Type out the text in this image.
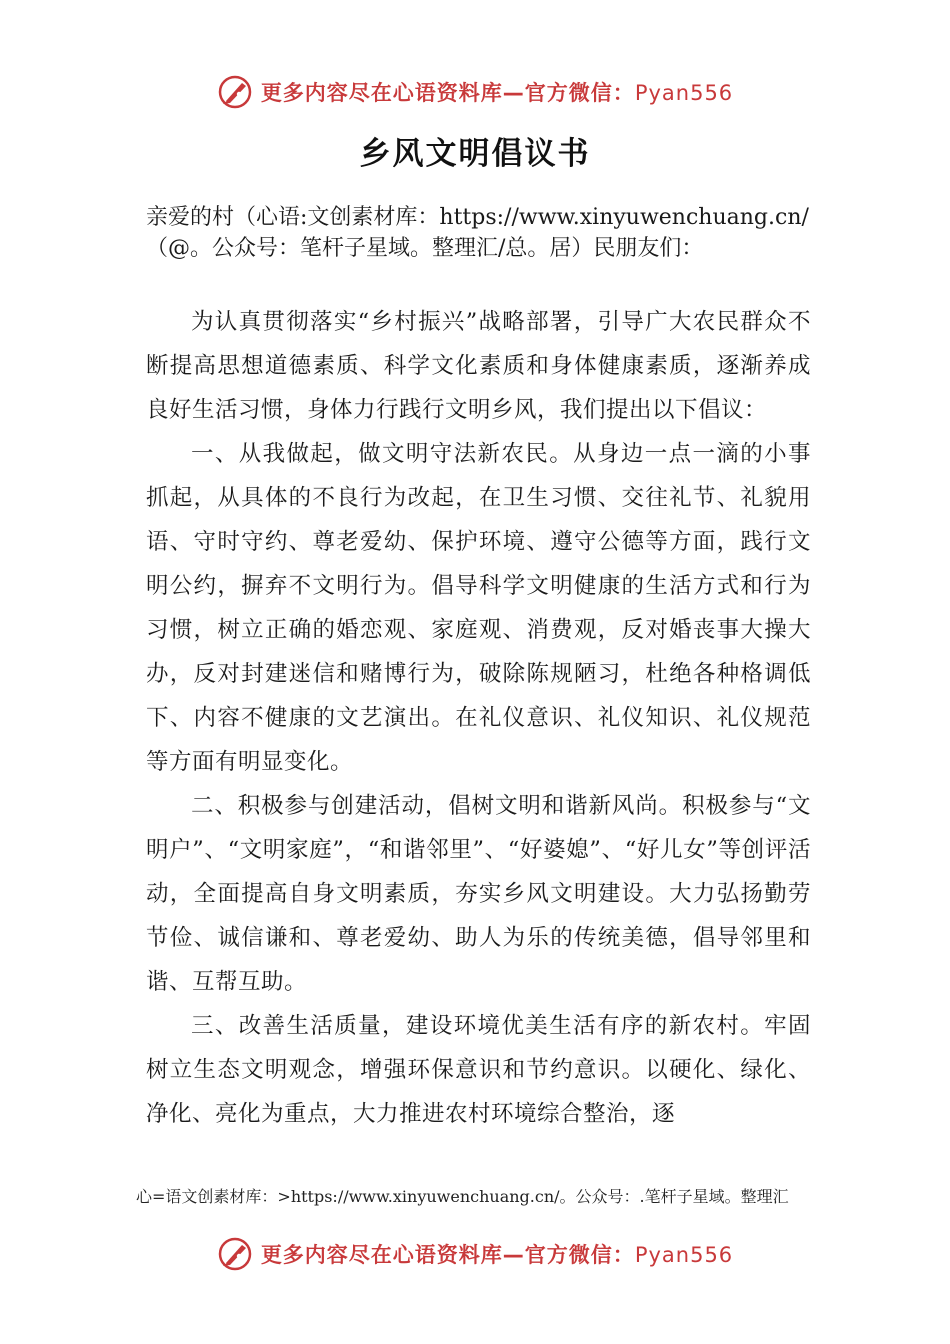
更多内容尽在心语资料库—官方微信：Pyan556
乡风文明倡议书
亲爱的村（心语:文创素材库：https://www.xinyuwenchuang.cn/（@。公众号：笔杆子星域。整理汇/总。居）民朋友们：

为认真贯彻落实“乡村振兴”战略部署，引导广大农民群众不断提高思想道德素质、科学文化素质和身体健康素质，逐渐养成良好生活习惯，身体力行践行文明乡风，我们提出以下倡议：

一、从我做起，做文明守法新农民。从身边一点一滴的小事抓起，从具体的不良行为改起，在卫生习惯、交往礼节、礼貌用语、守时守约、尊老爱幼、保护环境、遵守公德等方面，践行文明公约，摒弃不文明行为。倡导科学文明健康的生活方式和行为习惯，树立正确的婚恋观、家庭观、消费观，反对婚丧事大操大办，反对封建迷信和赌博行为，破除陈规陋习，杜绝各种格调低下、内容不健康的文艺演出。在礼仪意识、礼仪知识、礼仪规范等方面有明显变化。

二、积极参与创建活动，倡树文明和谐新风尚。积极参与“文明户”、“文明家庭”，“和谐邻里”、“好婆媳”、“好儿女”等创评活动，全面提高自身文明素质，夯实乡风文明建设。大力弘扬勤劳节俭、诚信谦和、尊老爱幼、助人为乐的传统美德，倡导邻里和谐、互帮互助。

三、改善生活质量，建设环境优美生活有序的新农村。牢固树立生态文明观念，增强环保意识和节约意识。以硬化、绿化、净化、亮化为重点，大力推进农村环境综合整治，逐

心=语文创素材库：>https://www.xinyuwenchuang.cn/。公众号：.笔杆子星域。整理汇
更多内容尽在心语资料库—官方微信：Pyan556
